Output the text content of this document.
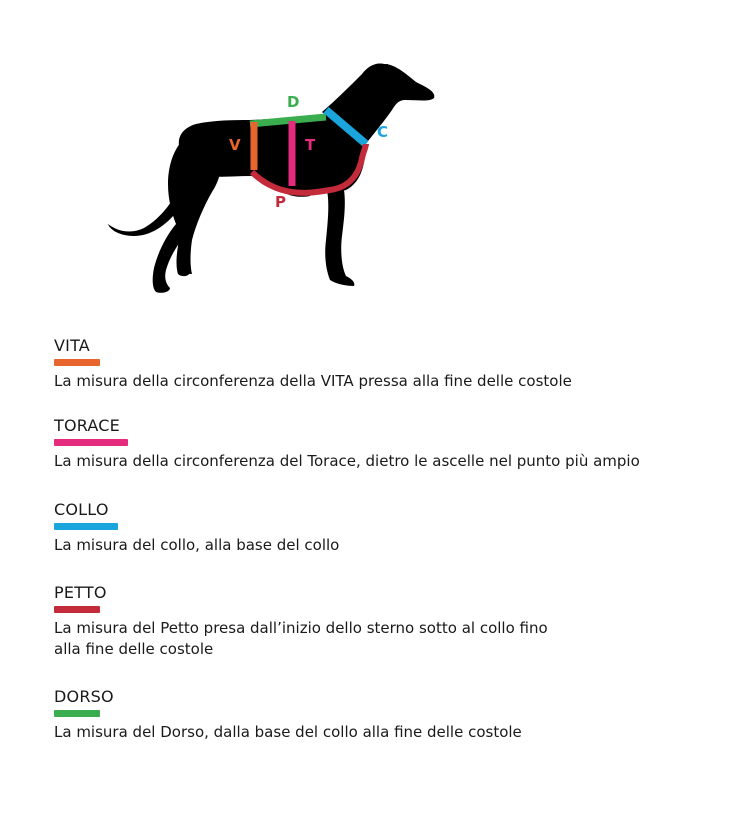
D
V	T
C
P
VITA
La misura della circonferenza della VITA pressa alla fine delle costole
TORACE
La misura della circonferenza del Torace, dietro le ascelle nel punto più ampio
COLLO
La misura del collo, alla base del collo
PETTO
La misura del Petto presa dall’inizio dello sterno sotto al collo fino
alla fine delle costole
DORSO
La misura del Dorso, dalla base del collo alla fine delle costole
